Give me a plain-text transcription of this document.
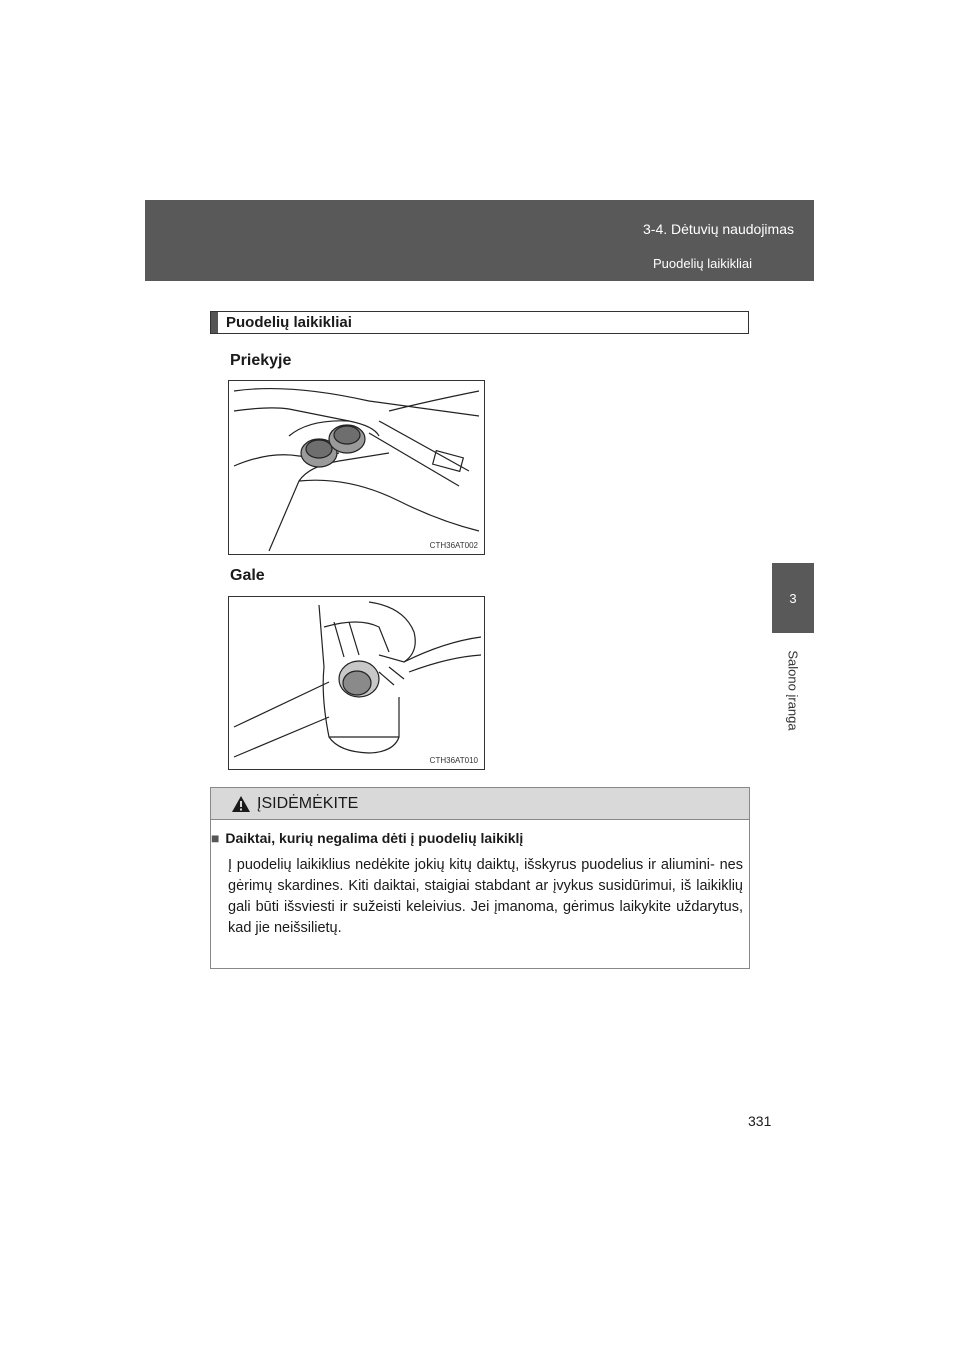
3-4. Dėtuvių naudojimas
Puodelių laikikliai
3
Salono įranga
Puodelių laikikliai
Priekyje
CTH36AT002
Gale
CTH36AT010
ĮSIDĖMĖKITE
■ Daiktai, kurių negalima dėti į puodelių laikiklį
Į puodelių laikiklius nedėkite jokių kitų daiktų, išskyrus puodelius ir aliumini- nes gėrimų skardines. Kiti daiktai, staigiai stabdant ar įvykus susidūrimui, iš laikiklių gali būti išsviesti ir sužeisti keleivius. Jei įmanoma, gėrimus laikykite uždarytus, kad jie neišsilietų.
331
